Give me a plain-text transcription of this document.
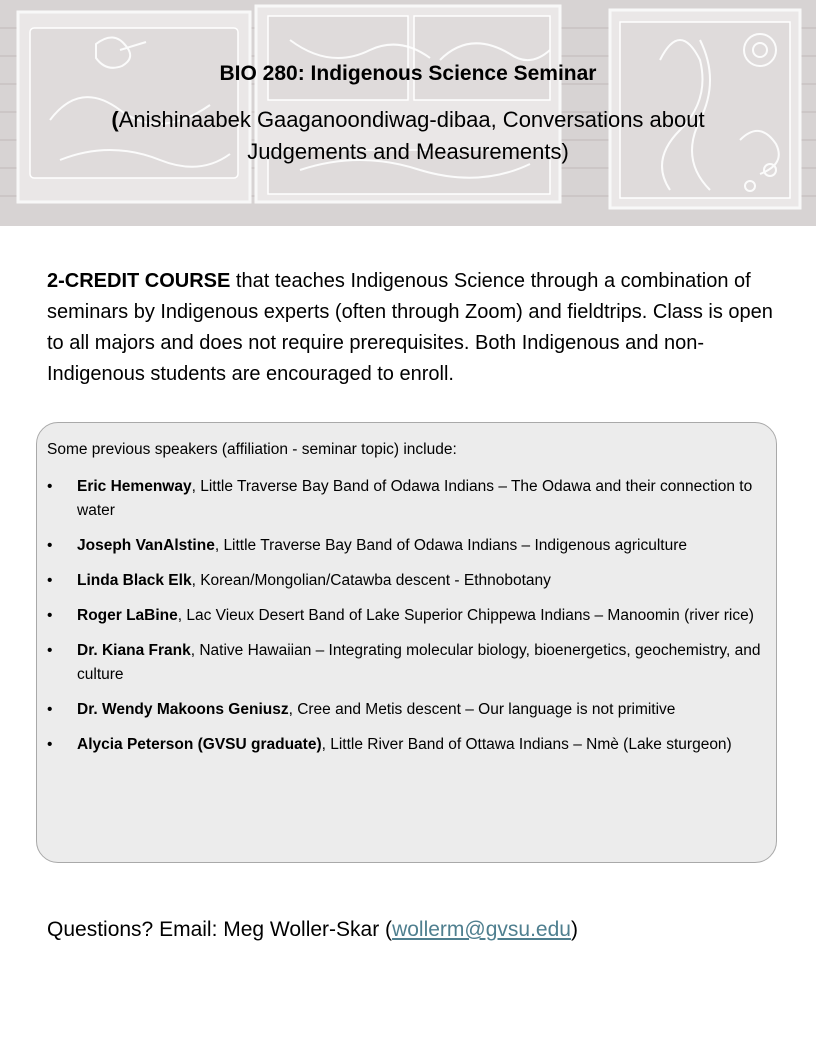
BIO 280: Indigenous Science Seminar
(Anishinaabek Gaaganoondiwag-dibaa, Conversations about Judgements and Measurements)
2-CREDIT COURSE that teaches Indigenous Science through a combination of seminars by Indigenous experts (often through Zoom) and fieldtrips. Class is open to all majors and does not require prerequisites. Both Indigenous and non-Indigenous students are encouraged to enroll.
Some previous speakers (affiliation - seminar topic) include:
•	Eric Hemenway, Little Traverse Bay Band of Odawa Indians – The Odawa and their connection to water
•	Joseph VanAlstine, Little Traverse Bay Band of Odawa Indians – Indigenous agriculture
•	Linda Black Elk, Korean/Mongolian/Catawba descent - Ethnobotany
•	Roger LaBine, Lac Vieux Desert Band of Lake Superior Chippewa Indians – Manoomin (river rice)
•	Dr. Kiana Frank, Native Hawaiian – Integrating molecular biology, bioenergetics, geochemistry, and culture
•	Dr. Wendy Makoons Geniusz, Cree and Metis descent – Our language is not primitive
•	Alycia Peterson (GVSU graduate), Little River Band of Ottawa Indians – Nmè (Lake sturgeon)
Questions? Email: Meg Woller-Skar (wollerm@gvsu.edu)
